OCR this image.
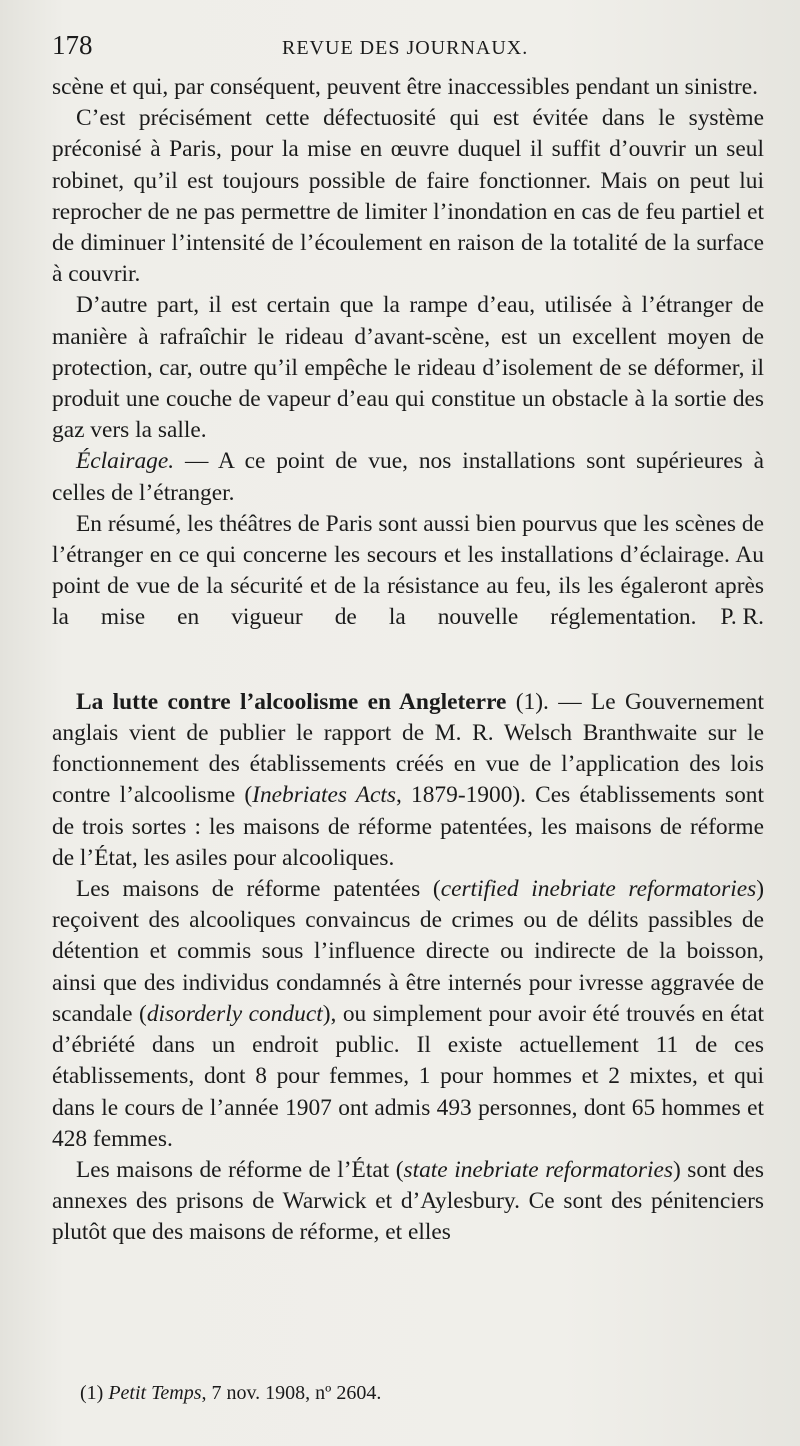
178	REVUE DES JOURNAUX.

scène et qui, par conséquent, peuvent être inaccessibles pendant un sinistre.

C’est précisément cette défectuosité qui est évitée dans le système préconisé à Paris, pour la mise en œuvre duquel il suffit d’ouvrir un seul robinet, qu’il est toujours possible de faire fonctionner. Mais on peut lui reprocher de ne pas permettre de limiter l’inondation en cas de feu partiel et de diminuer l’intensité de l’écoulement en raison de la totalité de la surface à couvrir.

D’autre part, il est certain que la rampe d’eau, utilisée à l’étranger de manière à rafraîchir le rideau d’avant-scène, est un excellent moyen de protection, car, outre qu’il empêche le rideau d’isolement de se déformer, il produit une couche de vapeur d’eau qui constitue un obstacle à la sortie des gaz vers la salle.

Éclairage. — A ce point de vue, nos installations sont supérieures à celles de l’étranger.

En résumé, les théâtres de Paris sont aussi bien pourvus que les scènes de l’étranger en ce qui concerne les secours et les installations d’éclairage. Au point de vue de la sécurité et de la résistance au feu, ils les égaleront après la mise en vigueur de la nouvelle réglementation.	P. R.

La lutte contre l’alcoolisme en Angleterre (1). — Le Gouvernement anglais vient de publier le rapport de M. R. Welsch Branthwaite sur le fonctionnement des établissements créés en vue de l’application des lois contre l’alcoolisme (Inebriates Acts, 1879-1900). Ces établissements sont de trois sortes : les maisons de réforme patentées, les maisons de réforme de l’État, les asiles pour alcooliques.

Les maisons de réforme patentées (certified inebriate reformatories) reçoivent des alcooliques convaincus de crimes ou de délits passibles de détention et commis sous l’influence directe ou indirecte de la boisson, ainsi que des individus condamnés à être internés pour ivresse aggravée de scandale (disorderly conduct), ou simplement pour avoir été trouvés en état d’ébriété dans un endroit public. Il existe actuellement 11 de ces établissements, dont 8 pour femmes, 1 pour hommes et 2 mixtes, et qui dans le cours de l’année 1907 ont admis 493 personnes, dont 65 hommes et 428 femmes.

Les maisons de réforme de l’État (state inebriate reformatories) sont des annexes des prisons de Warwick et d’Aylesbury. Ce sont des pénitenciers plutôt que des maisons de réforme, et elles

(1) Petit Temps, 7 nov. 1908, nº 2604.
